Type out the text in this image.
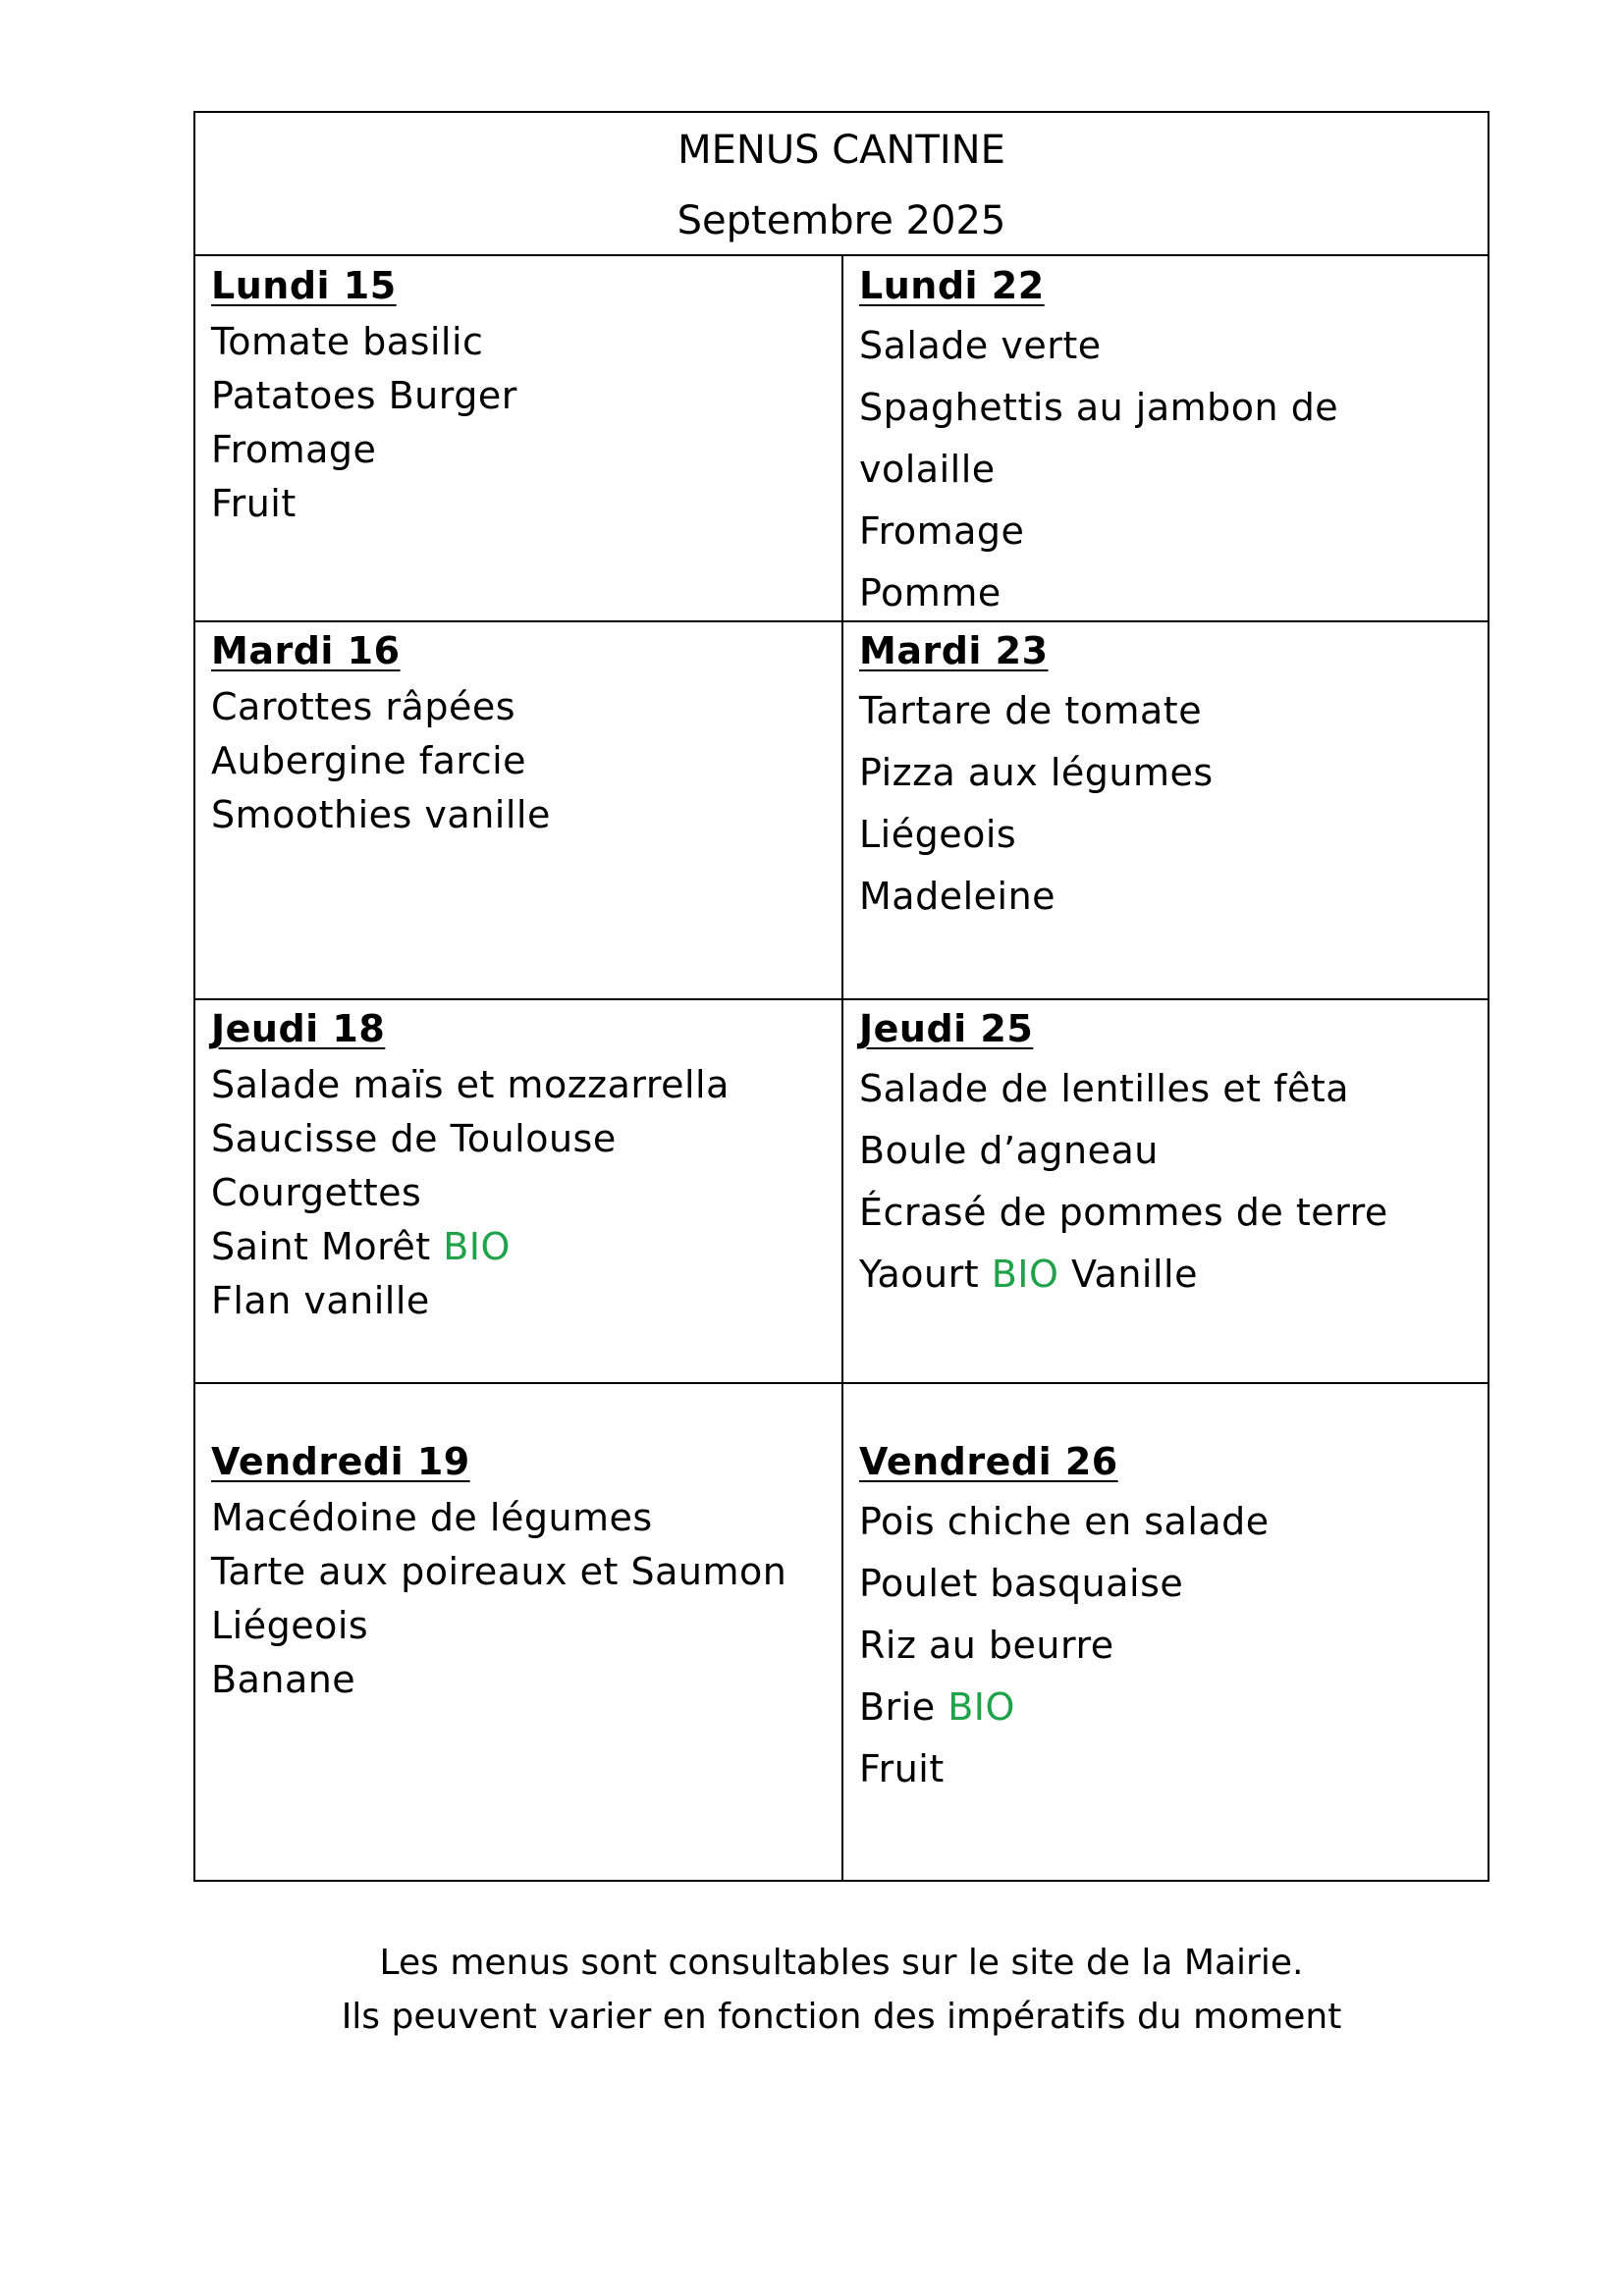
MENUS CANTINE
Septembre 2025
Lundi 15
Tomate basilic
Patatoes Burger
Fromage
Fruit
Lundi 22
Salade verte
Spaghettis au jambon de volaille
Fromage
Pomme
Mardi 16
Carottes râpées
Aubergine farcie
Smoothies vanille
Mardi 23
Tartare de tomate
Pizza aux légumes
Liégeois
Madeleine
Jeudi 18
Salade maïs et mozzarrella
Saucisse de Toulouse
Courgettes
Saint Morêt BIO
Flan vanille
Jeudi 25
Salade de lentilles et fêta
Boule d’agneau
Écrasé de pommes de terre
Yaourt BIO Vanille
Vendredi 19
Macédoine de légumes
Tarte aux poireaux et Saumon
Liégeois
Banane
Vendredi 26
Pois chiche en salade
Poulet basquaise
Riz au beurre
Brie BIO
Fruit
Les menus sont consultables sur le site de la Mairie.
Ils peuvent varier en fonction des impératifs du moment
